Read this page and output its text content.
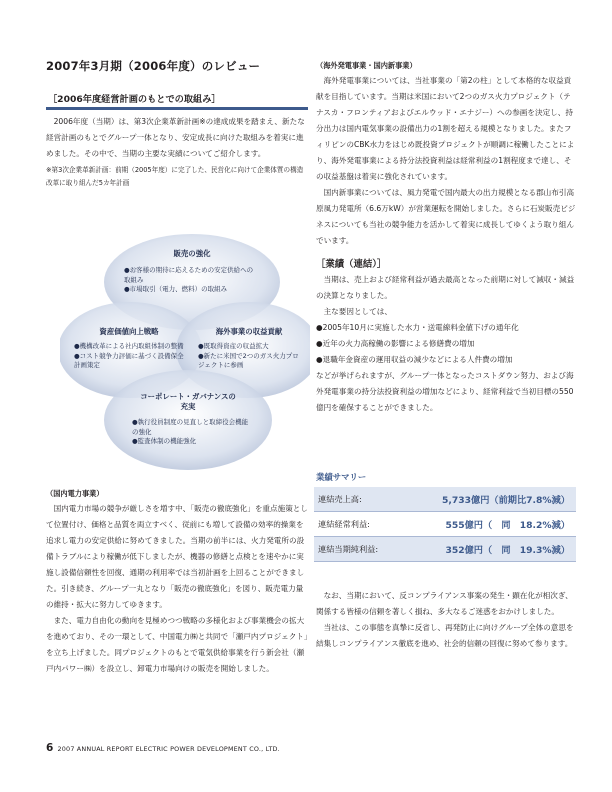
2007年3月期（2006年度）のレビュー
［2006年度経営計画のもとでの取組み］

2006年度（当期）は、第3次企業革新計画※の達成成果を踏まえ、新たな経営計画のもとでグループ一体となり、安定成長に向けた取組みを着実に進めました。その中で、当期の主要な実績についてご紹介します。

※第3次企業革新計画：前期（2005年度）に完了した、民営化に向けて企業体質の構造改革に取り組んだ5カ年計画
販売の強化
●お客様の期待に応えるための安定供給への取組み
●市場取引（電力、燃料）の取組み
資産価値向上戦略
●機構改革による社内取組体制の整備
●コスト競争力評価に基づく設備保全計画策定
海外事業の収益貢献
●既取得資産の収益拡大
●新たに米国で2つのガス火力プロジェクトに参画
コーポレート・ガバナンスの充実
●執行役員制度の見直しと取締役会機能の強化
●監査体制の機能強化
（国内電力事業）

国内電力市場の競争が厳しさを増す中、「販売の徹底強化」を重点施策として位置付け、価格と品質を両立すべく、従前にも増して設備の効率的操業を追求し電力の安定供給に努めてきました。当期の前半には、火力発電所の設備トラブルにより稼働が低下しましたが、機器の修繕と点検とを速やかに実施し設備信頼性を回復、通期の利用率では当初計画を上回ることができました。引き続き、グループ一丸となり「販売の徹底強化」を図り、販売電力量の維持・拡大に努力してゆきます。

また、電力自由化の動向を見極めつつ戦略の多様化および事業機会の拡大を進めており、その一環として、中国電力㈱と共同で「瀬戸内プロジェクト」を立ち上げました。同プロジェクトのもとで電気供給事業を行う新会社（瀬戸内パワー㈱）を設立し、卸電力市場向けの販売を開始しました。

（海外発電事業・国内新事業）

海外発電事業については、当社事業の「第2の柱」として本格的な収益貢献を目指しています。当期は米国において2つのガス火力プロジェクト（テナスカ・フロンティアおよびエルウッド・エナジー）への参画を決定し、持分出力は国内電気事業の設備出力の1割を超える規模となりました。またフィリピンのCBK水力をはじめ既投資プロジェクトが順調に稼働したことにより、海外発電事業による持分法投資利益は経常利益の1割程度まで達し、その収益基盤は着実に強化されています。

国内新事業については、風力発電で国内最大の出力規模となる郡山布引高原風力発電所（6.6万kW）が営業運転を開始しました。さらに石炭販売ビジネスについても当社の競争能力を活かして着実に成長してゆくよう取り組んでいます。

［業績（連結）］

当期は、売上および経常利益が過去最高となった前期に対して減収・減益の決算となりました。

主な要因としては、

●2005年10月に実施した水力・送電線料金値下げの通年化
●近年の火力高稼働の影響による修繕費の増加
●退職年金資産の運用収益の減少などによる人件費の増加

などが挙げられますが、グループ一体となったコストダウン努力、および海外発電事業の持分法投資利益の増加などにより、経常利益で当初目標の550億円を確保することができました。

業績サマリー
連結売上高:	5,733億円（前期比7.8%減）
連結経常利益:	555億円（　同　18.2%減）
連結当期純利益:	352億円（　同　19.3%減）

なお、当期において、反コンプライアンス事案の発生・顕在化が相次ぎ、関係する皆様の信頼を著しく損ね、多大なるご迷惑をおかけしました。

当社は、この事態を真摯に反省し、再発防止に向けグループ全体の意思を結集しコンプライアンス徹底を進め、社会的信頼の回復に努めて参ります。

6 2007 ANNUAL REPORT ELECTRIC POWER DEVELOPMENT CO., LTD.
